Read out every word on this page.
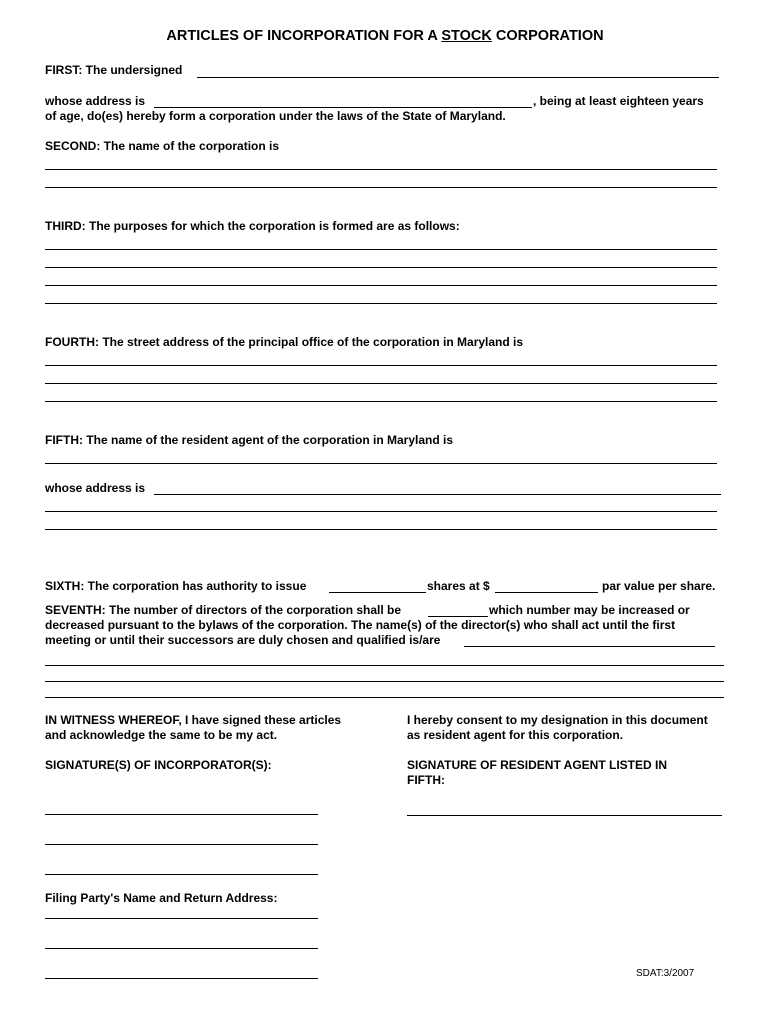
ARTICLES OF INCORPORATION FOR A STOCK CORPORATION
FIRST: The undersigned
whose address is	, being at least eighteen years
of age, do(es) hereby form a corporation under the laws of the State of Maryland.
SECOND: The name of the corporation is
THIRD: The purposes for which the corporation is formed are as follows:
FOURTH: The street address of the principal office of the corporation in Maryland is
FIFTH: The name of the resident agent of the corporation in Maryland is
whose address is
SIXTH: The corporation has authority to issue	shares at $	par value per share.
SEVENTH: The number of directors of the corporation shall be	which number may be increased or
decreased pursuant to the bylaws of the corporation. The name(s) of the director(s) who shall act until the first
meeting or until their successors are duly chosen and qualified is/are
IN WITNESS WHEREOF, I have signed these articles
and acknowledge the same to be my act.
I hereby consent to my designation in this document
as resident agent for this corporation.
SIGNATURE(S) OF INCORPORATOR(S):	SIGNATURE OF RESIDENT AGENT LISTED IN
FIFTH:
Filing Party's Name and Return Address:
SDAT:3/2007
